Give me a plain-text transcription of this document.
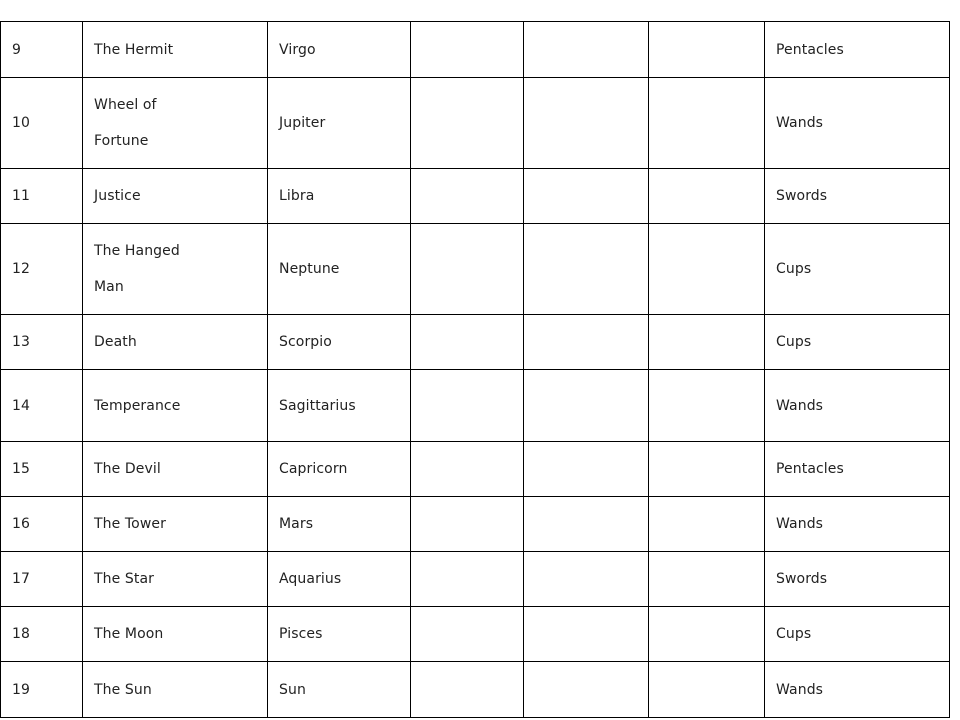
9	The Hermit	Virgo				Pentacles
10	Wheel of
Fortune	Jupiter				Wands
11	Justice	Libra				Swords
12	The Hanged
Man	Neptune				Cups
13	Death	Scorpio				Cups
14	Temperance	Sagittarius				Wands
15	The Devil	Capricorn				Pentacles
16	The Tower	Mars				Wands
17	The Star	Aquarius				Swords
18	The Moon	Pisces				Cups
19	The Sun	Sun				Wands
